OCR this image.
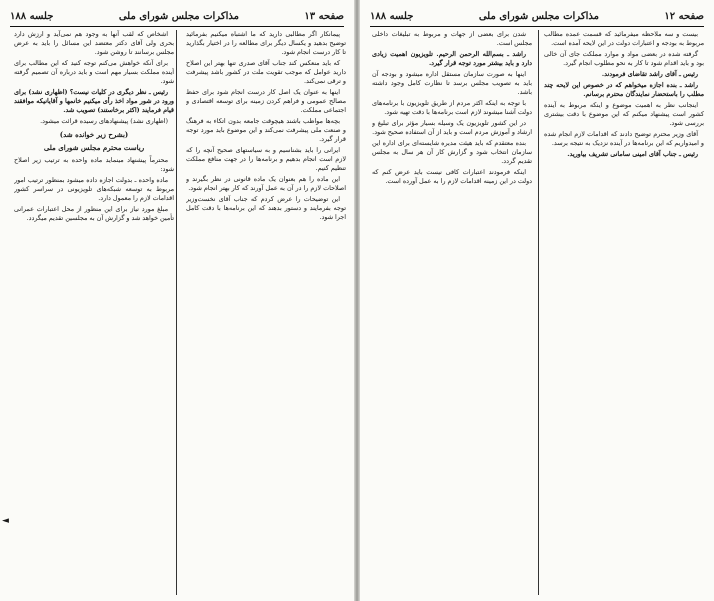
صفحه ۱۳
مذاکرات مجلس شورای ملی
جلسه ۱۸۸

پیمانکار اگر مطالبی دارید که ما اشتباه میکنیم بفرمائید توضیح بدهید و یکسال دیگر برای مطالعه را در اختیار بگذارید تا کار درست انجام شود.

که باید منعکس کند جناب آقای صدری تنها بهتر این اصلاح دارید عوامل که موجب تقویت ملت در کشور باشد پیشرفت و ترقی نمی‌کند.

اینها به عنوان یک اصل کار درست انجام شود برای حفظ مصالح عمومی و فراهم کردن زمینه برای توسعه اقتصادی و اجتماعی مملکت.

بچه‌ها مواظب باشند هیچوقت جامعه بدون اتکاء به فرهنگ و صنعت ملی پیشرفت نمی‌کند و این موضوع باید مورد توجه قرار گیرد.

ایرانی را باید بشناسیم و به سیاستهای صحیح آنچه را که لازم است انجام بدهیم و برنامه‌ها را در جهت منافع مملکت تنظیم کنیم.

این ماده را هم بعنوان یک ماده قانونی در نظر بگیرند و اصلاحات لازم را در آن به عمل آورند که کار بهتر انجام شود.

این توضیحات را عرض کردم که جناب آقای نخست‌وزیر توجه بفرمایند و دستور بدهند که این برنامه‌ها با دقت کامل اجرا شود.

اشخاص که لقب آنها به وجود هم نمی‌آید و ارزش دارد بحری ولی آقای دکتر معتضد این مسائل را باید به عرض مجلس برسانند تا روشن شود.

برای آنکه خواهش می‌کنم توجه کنید که این مطالب برای آینده مملکت بسیار مهم است و باید درباره آن تصمیم گرفته شود.

رئیس ـ نظر دیگری در کلیات نیست؟ (اظهاری نشد) برای ورود در شور مواد اخذ رأی میکنیم خانمها و آقایانیکه موافقند قیام فرمایند (اکثر برخاستند) تصویب شد.

(اظهاری نشد) پیشنهادهای رسیده قرائت میشود.

(بشرح زیر خوانده شد)

ریاست محترم مجلس شورای ملی

محترماً پیشنهاد مینماید ماده واحده به ترتیب زیر اصلاح شود:

ماده واحده ـ بدولت اجازه داده میشود بمنظور ترتیب امور مربوط به توسعه شبکه‌های تلویزیونی در سراسر کشور اقدامات لازم را معمول دارد.

مبلغ مورد نیاز برای این منظور از محل اعتبارات عمرانی تأمین خواهد شد و گزارش آن به مجلسین تقدیم میگردد.

◄
صفحه ۱۲
مذاکرات مجلس شورای ملی
جلسه ۱۸۸

بیست و سه ملاحظه میفرمائید که قسمت عمده مطالب مربوط به بودجه و اعتبارات دولت در این لایحه آمده است.

گرفته شده در بعضی مواد و موارد مملکت جای آن خالی بود و باید اقدام شود تا کار به نحو مطلوب انجام گیرد.

رئیس ـ آقای راشد تقاضای فرمودند.

راشد ـ بنده اجازه میخواهم که در خصوص این لایحه چند مطلب را باستحضار نمایندگان محترم برسانم.

اینجانب نظر به اهمیت موضوع و اینکه مربوط به آینده کشور است پیشنهاد میکنم که این موضوع با دقت بیشتری بررسی شود.

آقای وزیر محترم توضیح دادند که اقدامات لازم انجام شده و امیدواریم که این برنامه‌ها در آینده نزدیک به نتیجه برسد.

رئیس ـ جناب آقای امینی سامانی تشریف بیاورید.

شدن برای بعضی از جهات و مربوط به تبلیغات داخلی مجلس است.

راشد ـ بسم‌الله الرحمن الرحیم. تلویزیون اهمیت زیادی دارد و باید بیشتر مورد توجه قرار گیرد.

اینها به صورت سازمان مستقل اداره میشود و بودجه آن باید به تصویب مجلس برسد تا نظارت کامل وجود داشته باشد.

با توجه به اینکه اکثر مردم از طریق تلویزیون با برنامه‌های دولت آشنا میشوند لازم است برنامه‌ها با دقت تهیه شود.

در این کشور تلویزیون یک وسیله بسیار مؤثر برای تبلیغ و ارشاد و آموزش مردم است و باید از آن استفاده صحیح شود.

بنده معتقدم که باید هیئت مدیره شایسته‌ای برای اداره این سازمان انتخاب شود و گزارش کار آن هر سال به مجلس تقدیم گردد.

اینکه فرمودند اعتبارات کافی نیست باید عرض کنم که دولت در این زمینه اقدامات لازم را به عمل آورده است.
